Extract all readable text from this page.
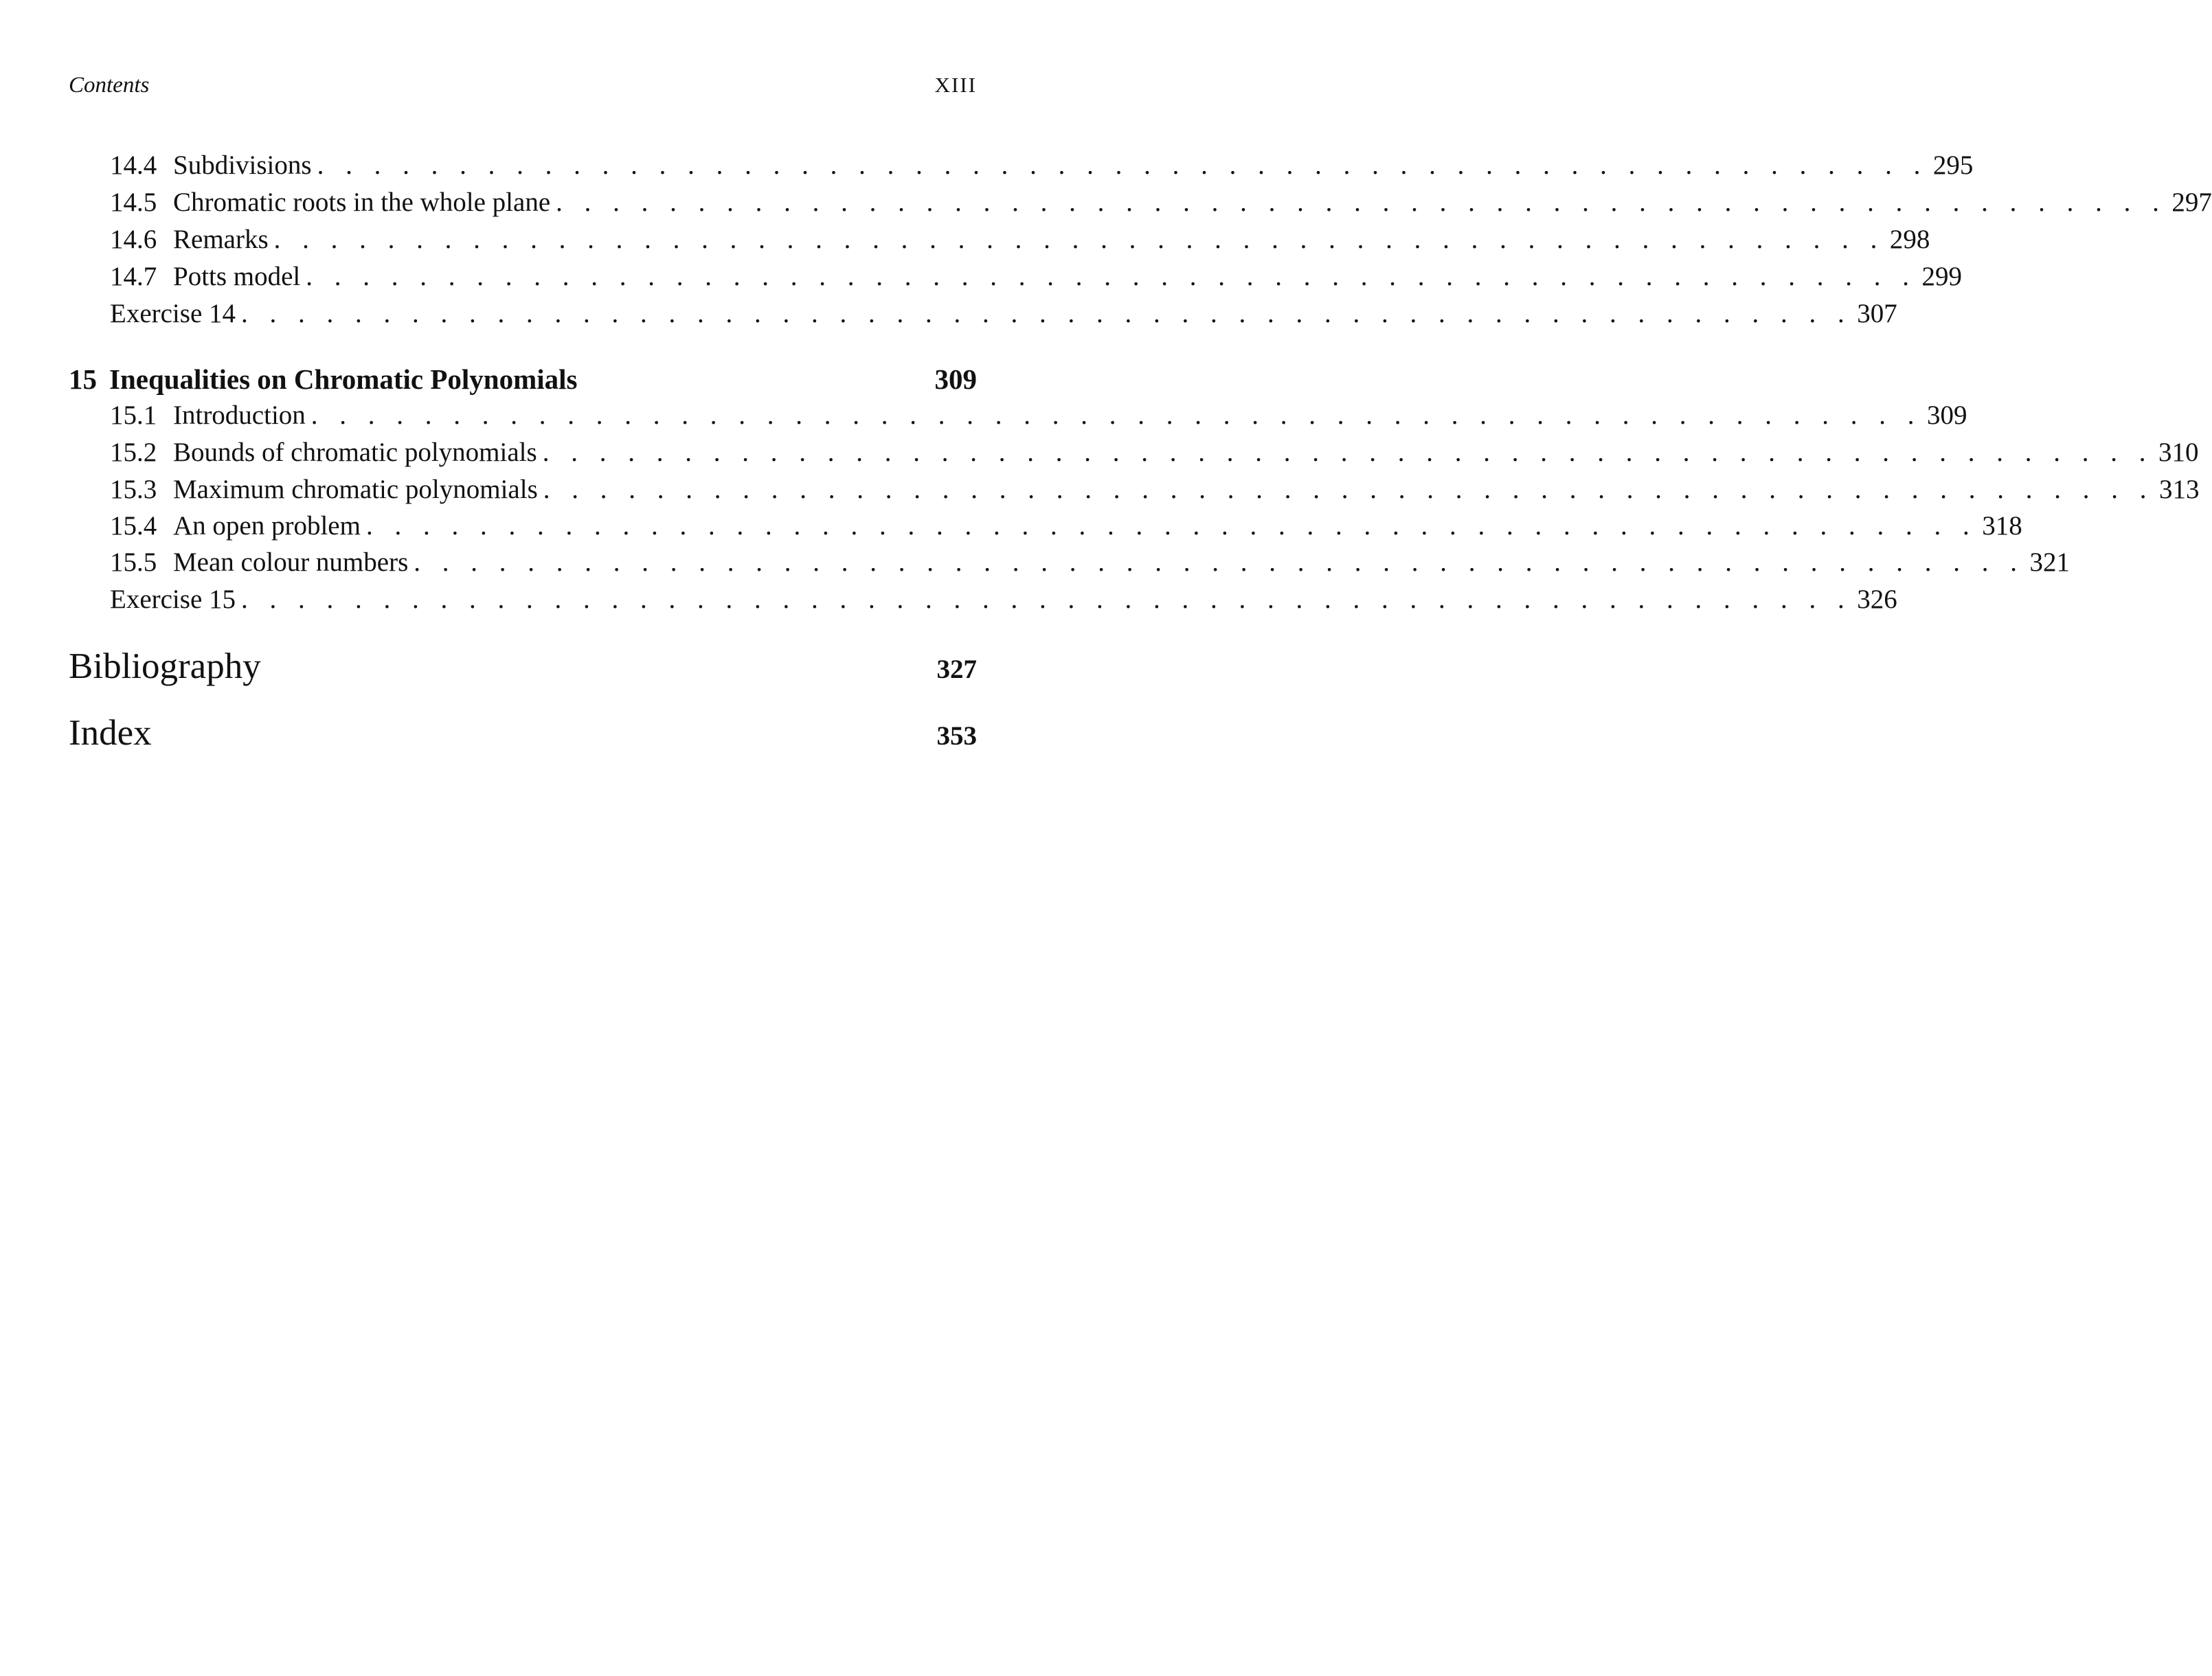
Contents	XIII
14.4 Subdivisions . . . . . . . . . . . . . . . . . . . . . . . . . . . . . . . . . . . . . . . . . . . . . . . . . . . . . . . . . 295
14.5 Chromatic roots in the whole plane . . . . . . . . . . . . . . . . . . . . . . . . . . . . . . . . . . . . . . . . . . . . . . . . . . . . . . . . . 297
14.6 Remarks . . . . . . . . . . . . . . . . . . . . . . . . . . . . . . . . . . . . . . . . . . . . . . . . . . . . . . . . . 298
14.7 Potts model . . . . . . . . . . . . . . . . . . . . . . . . . . . . . . . . . . . . . . . . . . . . . . . . . . . . . . . . . 299
Exercise 14 . . . . . . . . . . . . . . . . . . . . . . . . . . . . . . . . . . . . . . . . . . . . . . . . . . . . . . . . . 307
15 Inequalities on Chromatic Polynomials	309
15.1 Introduction . . . . . . . . . . . . . . . . . . . . . . . . . . . . . . . . . . . . . . . . . . . . . . . . . . . . . . . . . 309
15.2 Bounds of chromatic polynomials . . . . . . . . . . . . . . . . . . . . . . . . . . . . . . . . . . . . . . . . . . . . . . . . . . . . . . . . . 310
15.3 Maximum chromatic polynomials . . . . . . . . . . . . . . . . . . . . . . . . . . . . . . . . . . . . . . . . . . . . . . . . . . . . . . . . . 313
15.4 An open problem . . . . . . . . . . . . . . . . . . . . . . . . . . . . . . . . . . . . . . . . . . . . . . . . . . . . . . . . . 318
15.5 Mean colour numbers . . . . . . . . . . . . . . . . . . . . . . . . . . . . . . . . . . . . . . . . . . . . . . . . . . . . . . . . . 321
Exercise 15 . . . . . . . . . . . . . . . . . . . . . . . . . . . . . . . . . . . . . . . . . . . . . . . . . . . . . . . . . 326
Bibliography	327
Index	353
